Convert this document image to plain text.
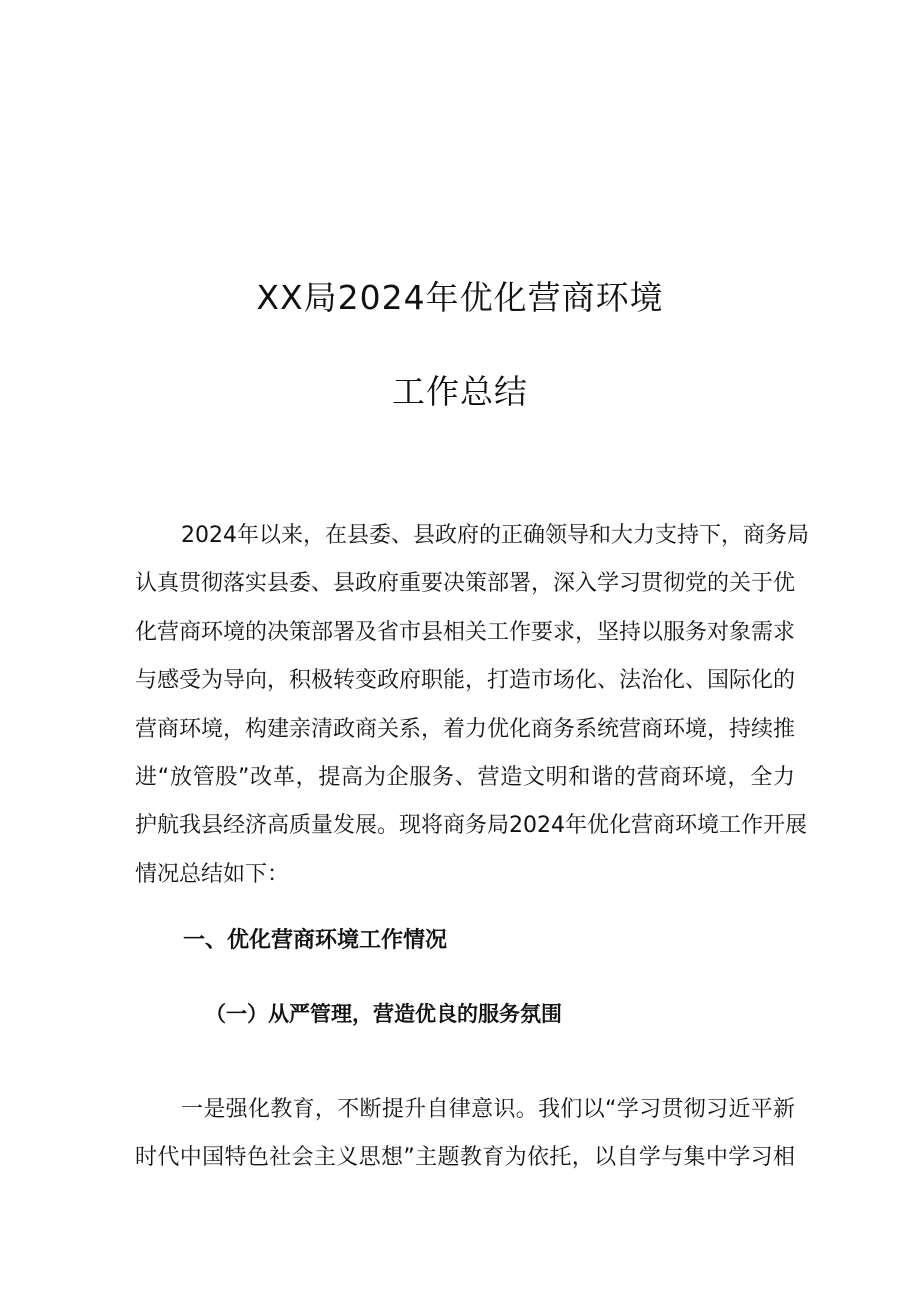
XX局2024年优化营商环境
工作总结
2024年以来，在县委、县政府的正确领导和大力支持下，商务局
认真贯彻落实县委、县政府重要决策部署，深入学习贯彻党的关于优
化营商环境的决策部署及省市县相关工作要求，坚持以服务对象需求
与感受为导向，积极转变政府职能，打造市场化、法治化、国际化的
营商环境，构建亲清政商关系，着力优化商务系统营商环境，持续推
进“放管股”改革，提高为企服务、营造文明和谐的营商环境，全力
护航我县经济高质量发展。现将商务局2024年优化营商环境工作开展
情况总结如下：
一、优化营商环境工作情况
（一）从严管理，营造优良的服务氛围
一是强化教育，不断提升自律意识。我们以“学习贯彻习近平新
时代中国特色社会主义思想”主题教育为依托，以自学与集中学习相
